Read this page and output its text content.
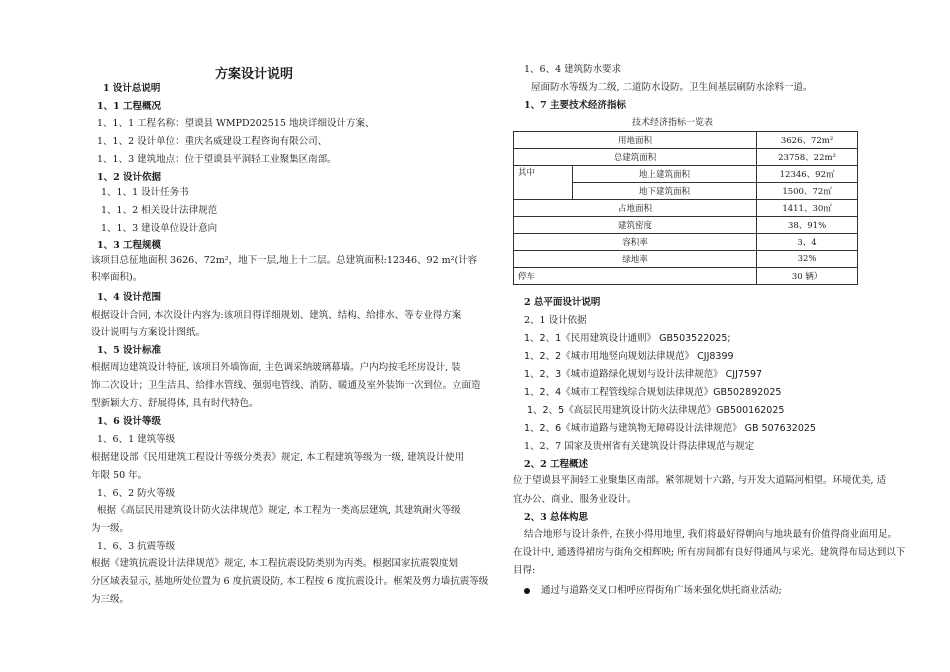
方案设计说明
1 设计总说明
1、1 工程概况
1、1、1 工程名称：望谟县 WMPD202515 地块详细设计方案、
1、1、2 设计单位：重庆名威建设工程咨询有限公司、
1、1、3 建筑地点：位于望谟县平洞轻工业聚集区南部。
1、2 设计依据
1、1、1 设计任务书
1、1、2 相关设计法律规范
1、1、3 建设单位设计意向
1、3 工程规模
该项目总征地面积 3626、72m²，地下一层,地上十二层。总建筑面积:12346、92 m²(计容
积率面积)。
1、4 设计范围
根据设计合同, 本次设计内容为:该项目得详细规划、建筑、结构、给排水、等专业得方案
设计说明与方案设计图纸。
1、5 设计标准
根据周边建筑设计特征, 该项目外墙饰面, 主色调采纳玻璃幕墙。户内均按毛坯房设计, 装
饰二次设计；卫生洁具、给排水管线、强弱电管线、消防、暖通及室外装饰一次到位。立面造
型新颖大方、舒展得体, 具有时代特色。
1、6 设计等级
1、6、1 建筑等级
根据建设部《民用建筑工程设计等级分类表》规定, 本工程建筑等级为一级, 建筑设计使用
年限 50 年。
1、6、2 防火等级
根据《高层民用建筑设计防火法律规范》规定, 本工程为一类高层建筑, 其建筑耐火等级
为一级。
1、6、3 抗震等级
根据《建筑抗震设计法律规范》规定, 本工程抗震设防类别为丙类。根据国家抗震裂度划
分区域表显示, 基地所处位置为 6 度抗震设防, 本工程按 6 度抗震设计。框架及剪力墙抗震等级
为三级。
1、6、4 建筑防水要求
屋面防水等级为二级, 二道防水设防。卫生间基层刷防水涂料一道。
1、7 主要技术经济指标
技术经济指标一览表
用地面积		3626、72m²
总建筑面积		23758、22m²
其中	地上建筑面积	12346、92㎡
	地下建筑面积	1500、72㎡
占地面积		1411、30㎡
建筑密度		38、91%
容积率		3、4
绿地率		32%
停车		30 辆）
2 总平面设计说明
2、1 设计依据
1、2、1《民用建筑设计通则》 GB503522025;
1、2、2《城市用地竖向规划法律规范》 CJJ8399
1、2、3《城市道路绿化规划与设计法律规范》 CJJ7597
1、2、4《城市工程管线综合规划法律规范》GB502892025
1、2、5《高层民用建筑设计防火法律规范》GB500162025
1、2、6《城市道路与建筑物无障碍设计法律规范》 GB 507632025
1、2、7 国家及贵州省有关建筑设计得法律规范与规定
2、2 工程概述
位于望谟县平洞轻工业聚集区南部。紧邻规划十六路, 与开发大道隔河相望。环境优美, 适
宜办公、商业、服务业设计。
2、3 总体构思
结合地形与设计条件, 在狭小得用地里, 我们将最好得朝向与地块最有价值得商业面用足。
在设计中, 通透得裙房与街角交相辉映; 所有房间都有良好得通风与采光。建筑得布局达到以下
目得:
通过与道路交叉口相呼应得街角广场来强化烘托商业活动;
